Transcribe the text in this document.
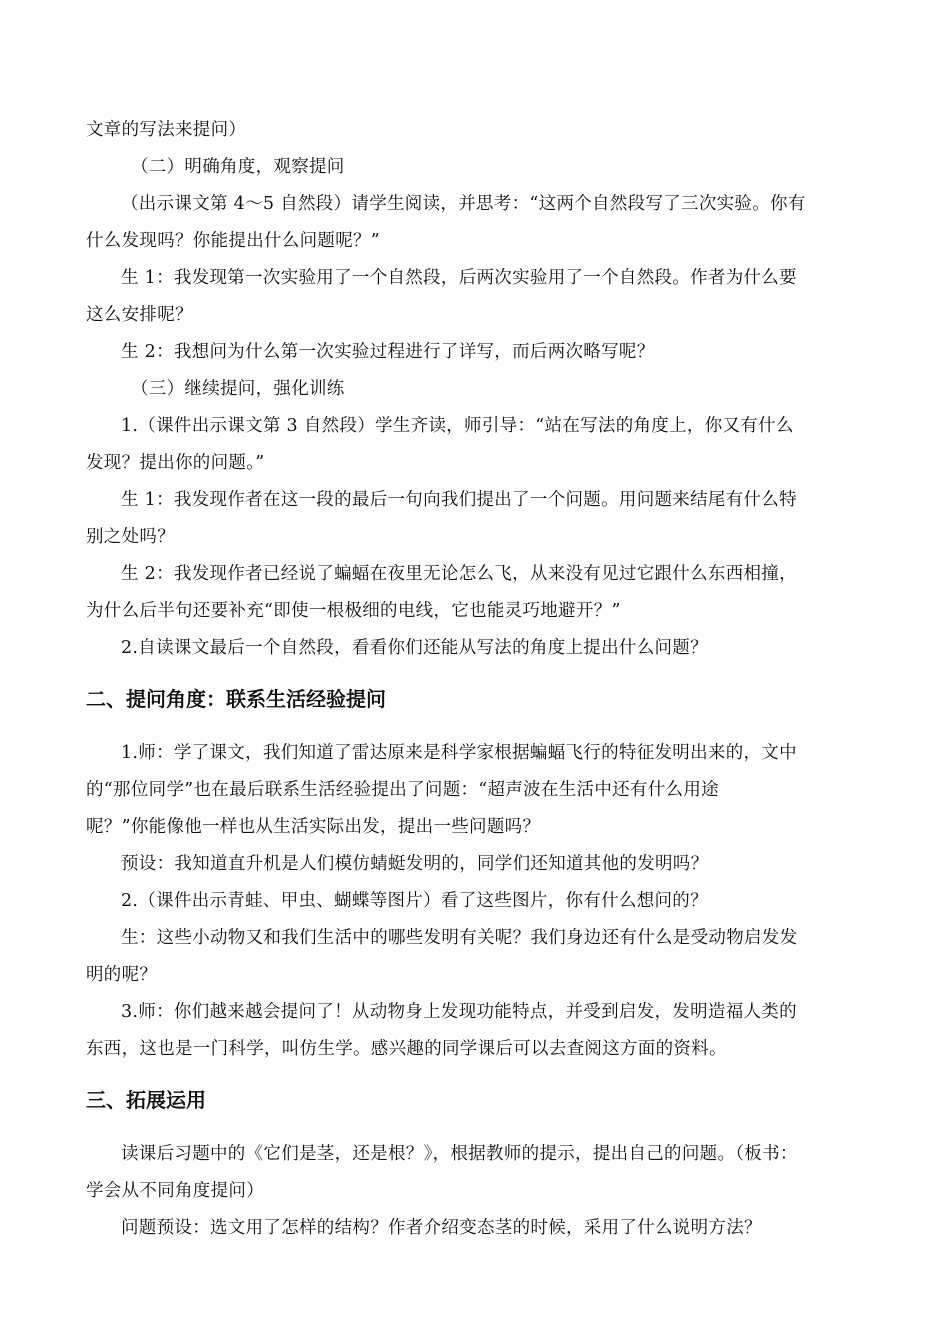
文章的写法来提问）

（二）明确角度，观察提问

（出示课文第 4～5 自然段）请学生阅读，并思考：“这两个自然段写了三次实验。你有

什么发现吗？你能提出什么问题呢？”

生 1：我发现第一次实验用了一个自然段，后两次实验用了一个自然段。作者为什么要

这么安排呢？

生 2：我想问为什么第一次实验过程进行了详写，而后两次略写呢？

（三）继续提问，强化训练

1.（课件出示课文第 3 自然段）学生齐读，师引导：“站在写法的角度上，你又有什么

发现？提出你的问题。”

生 1：我发现作者在这一段的最后一句向我们提出了一个问题。用问题来结尾有什么特

别之处吗？

生 2：我发现作者已经说了蝙蝠在夜里无论怎么飞，从来没有见过它跟什么东西相撞，

为什么后半句还要补充“即使一根极细的电线，它也能灵巧地避开？”

2.自读课文最后一个自然段，看看你们还能从写法的角度上提出什么问题？

二、提问角度：联系生活经验提问

1.师：学了课文，我们知道了雷达原来是科学家根据蝙蝠飞行的特征发明出来的，文中

的“那位同学”也在最后联系生活经验提出了问题：“超声波在生活中还有什么用途

呢？”你能像他一样也从生活实际出发，提出一些问题吗？

预设：我知道直升机是人们模仿蜻蜓发明的，同学们还知道其他的发明吗？

2.（课件出示青蛙、甲虫、蝴蝶等图片）看了这些图片，你有什么想问的？

生：这些小动物又和我们生活中的哪些发明有关呢？我们身边还有什么是受动物启发发

明的呢？

3.师：你们越来越会提问了！从动物身上发现功能特点，并受到启发，发明造福人类的

东西，这也是一门科学，叫仿生学。感兴趣的同学课后可以去查阅这方面的资料。

三、拓展运用

读课后习题中的《它们是茎，还是根？》，根据教师的提示，提出自己的问题。（板书：

学会从不同角度提问）

问题预设：选文用了怎样的结构？作者介绍变态茎的时候，采用了什么说明方法？
